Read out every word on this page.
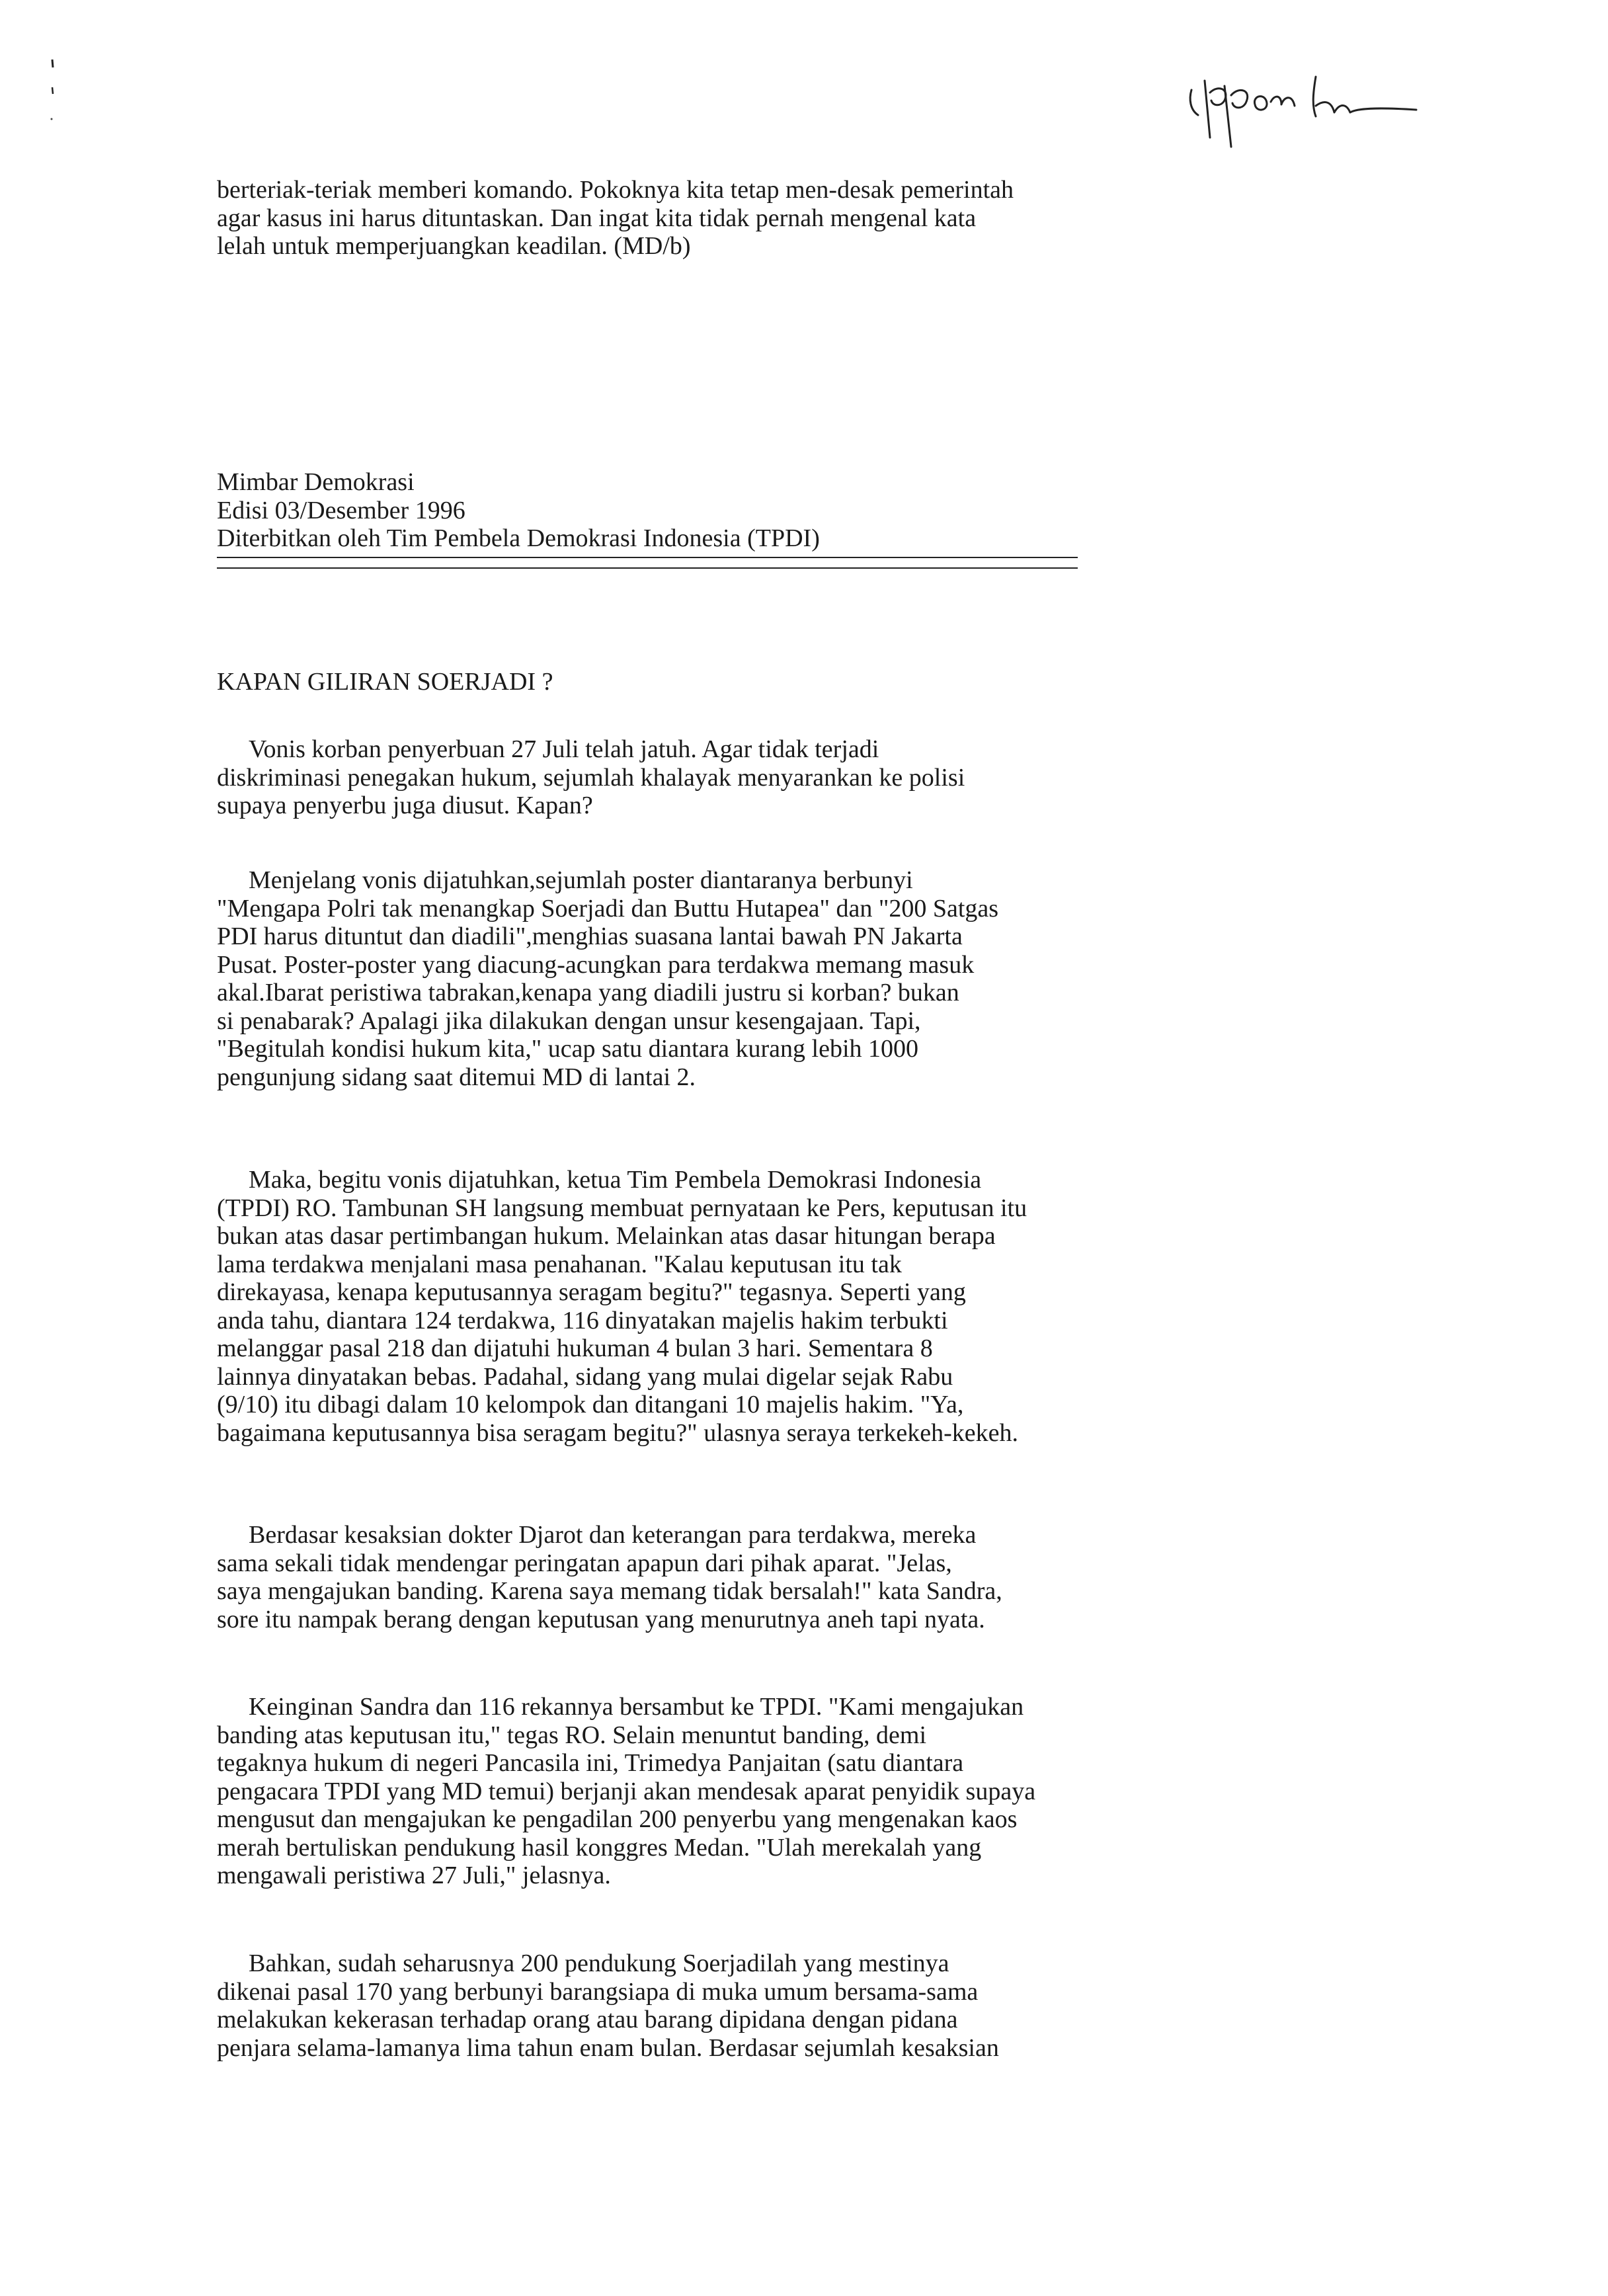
berteriak-teriak memberi komando. Pokoknya kita tetap men-desak pemerintah
agar kasus ini harus dituntaskan. Dan ingat kita tidak pernah mengenal kata
lelah untuk memperjuangkan keadilan. (MD/b)
Mimbar Demokrasi
Edisi 03/Desember 1996
Diterbitkan oleh Tim Pembela Demokrasi Indonesia (TPDI)
KAPAN GILIRAN SOERJADI ?
Vonis korban penyerbuan 27 Juli telah jatuh. Agar tidak terjadi
diskriminasi penegakan hukum, sejumlah khalayak menyarankan ke polisi
supaya penyerbu juga diusut. Kapan?
Menjelang vonis dijatuhkan,sejumlah poster diantaranya berbunyi
"Mengapa Polri tak menangkap Soerjadi dan Buttu Hutapea" dan "200 Satgas
PDI harus dituntut dan diadili",menghias suasana lantai bawah PN Jakarta
Pusat. Poster-poster yang diacung-acungkan para terdakwa memang masuk
akal.Ibarat peristiwa tabrakan,kenapa yang diadili justru si korban? bukan
si penabarak? Apalagi jika dilakukan dengan unsur kesengajaan. Tapi,
"Begitulah kondisi hukum kita," ucap satu diantara kurang lebih 1000
pengunjung sidang saat ditemui MD di lantai 2.
Maka, begitu vonis dijatuhkan, ketua Tim Pembela Demokrasi Indonesia
(TPDI) RO. Tambunan SH langsung membuat pernyataan ke Pers, keputusan itu
bukan atas dasar pertimbangan hukum. Melainkan atas dasar hitungan berapa
lama terdakwa menjalani masa penahanan. "Kalau keputusan itu tak
direkayasa, kenapa keputusannya seragam begitu?" tegasnya. Seperti yang
anda tahu, diantara 124 terdakwa, 116 dinyatakan majelis hakim terbukti
melanggar pasal 218 dan dijatuhi hukuman 4 bulan 3 hari. Sementara 8
lainnya dinyatakan bebas. Padahal, sidang yang mulai digelar sejak Rabu
(9/10) itu dibagi dalam 10 kelompok dan ditangani 10 majelis hakim. "Ya,
bagaimana keputusannya bisa seragam begitu?" ulasnya seraya terkekeh-kekeh.
Berdasar kesaksian dokter Djarot dan keterangan para terdakwa, mereka
sama sekali tidak mendengar peringatan apapun dari pihak aparat. "Jelas,
saya mengajukan banding. Karena saya memang tidak bersalah!" kata Sandra,
sore itu nampak berang dengan keputusan yang menurutnya aneh tapi nyata.
Keinginan Sandra dan 116 rekannya bersambut ke TPDI. "Kami mengajukan
banding atas keputusan itu," tegas RO. Selain menuntut banding, demi
tegaknya hukum di negeri Pancasila ini, Trimedya Panjaitan (satu diantara
pengacara TPDI yang MD temui) berjanji akan mendesak aparat penyidik supaya
mengusut dan mengajukan ke pengadilan 200 penyerbu yang mengenakan kaos
merah bertuliskan pendukung hasil konggres Medan. "Ulah merekalah yang
mengawali peristiwa 27 Juli," jelasnya.
Bahkan, sudah seharusnya 200 pendukung Soerjadilah yang mestinya
dikenai pasal 170 yang berbunyi barangsiapa di muka umum bersama-sama
melakukan kekerasan terhadap orang atau barang dipidana dengan pidana
penjara selama-lamanya lima tahun enam bulan. Berdasar sejumlah kesaksian
